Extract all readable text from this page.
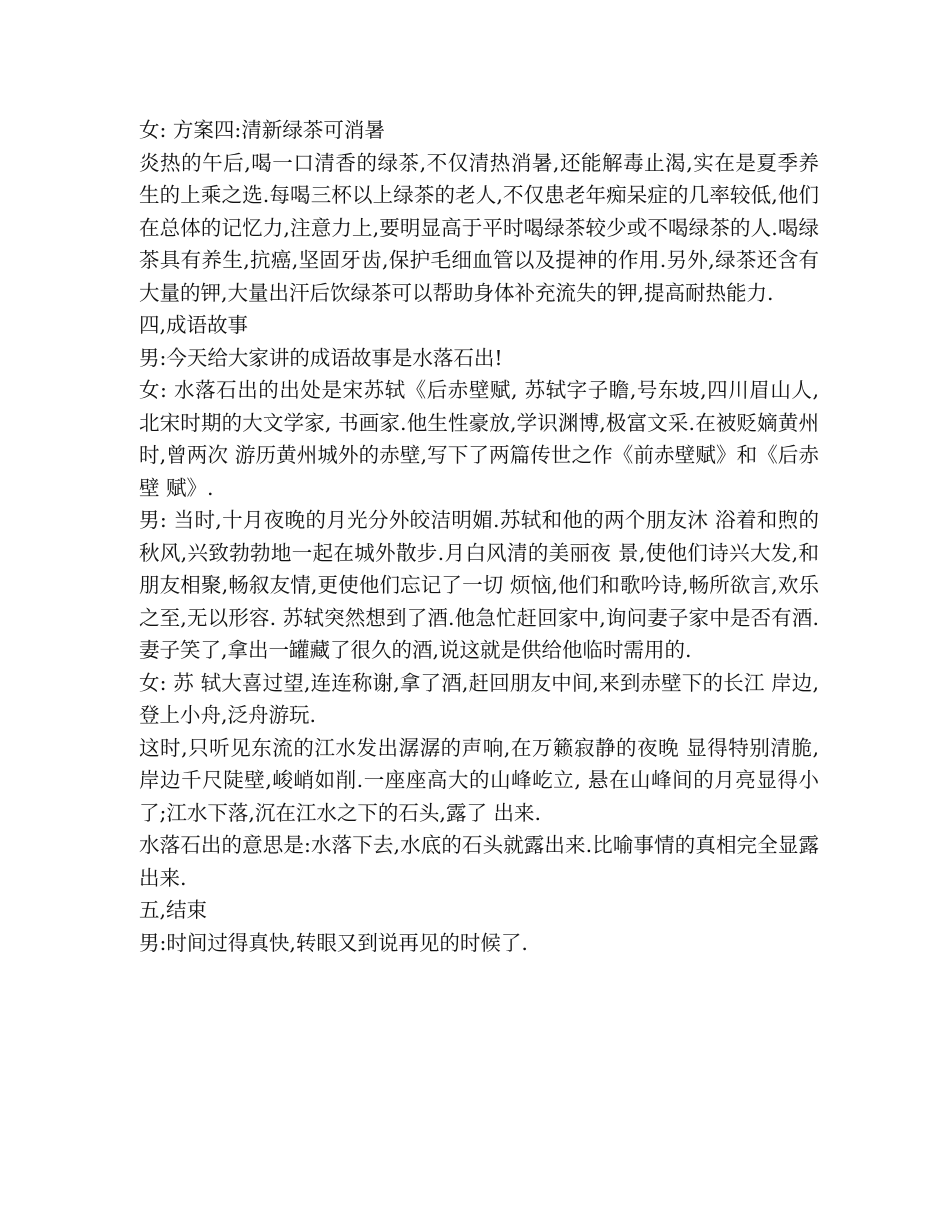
女: 方案四:清新绿茶可消暑

炎热的午后,喝一口清香的绿茶,不仅清热消暑,还能解毒止渴,实在是夏季养生的上乘之选.每喝三杯以上绿茶的老人,不仅患老年痴呆症的几率较低,他们在总体的记忆力,注意力上,要明显高于平时喝绿茶较少或不喝绿茶的人.喝绿茶具有养生,抗癌,坚固牙齿,保护毛细血管以及提神的作用.另外,绿茶还含有大量的钾,大量出汗后饮绿茶可以帮助身体补充流失的钾,提高耐热能力.

四,成语故事

男:今天给大家讲的成语故事是水落石出!

女: 水落石出的出处是宋苏轼《后赤壁赋, 苏轼字子瞻,号东坡,四川眉山人,北宋时期的大文学家, 书画家.他生性豪放,学识渊博,极富文采.在被贬嫡黄州时,曾两次 游历黄州城外的赤壁,写下了两篇传世之作《前赤壁赋》和《后赤壁 赋》.

男: 当时,十月夜晚的月光分外皎洁明媚.苏轼和他的两个朋友沐 浴着和煦的秋风,兴致勃勃地一起在城外散步.月白风清的美丽夜 景,使他们诗兴大发,和朋友相聚,畅叙友情,更使他们忘记了一切 烦恼,他们和歌吟诗,畅所欲言,欢乐之至,无以形容. 苏轼突然想到了酒.他急忙赶回家中,询问妻子家中是否有酒. 妻子笑了,拿出一罐藏了很久的酒,说这就是供给他临时需用的.

女: 苏 轼大喜过望,连连称谢,拿了酒,赶回朋友中间,来到赤壁下的长江 岸边,登上小舟,泛舟游玩.

这时,只听见东流的江水发出潺潺的声响,在万籁寂静的夜晚 显得特别清脆,岸边千尺陡壁,峻峭如削.一座座高大的山峰屹立, 悬在山峰间的月亮显得小了;江水下落,沉在江水之下的石头,露了 出来.

水落石出的意思是:水落下去,水底的石头就露出来.比喻事情的真相完全显露出来.

五,结束

男:时间过得真快,转眼又到说再见的时候了.
